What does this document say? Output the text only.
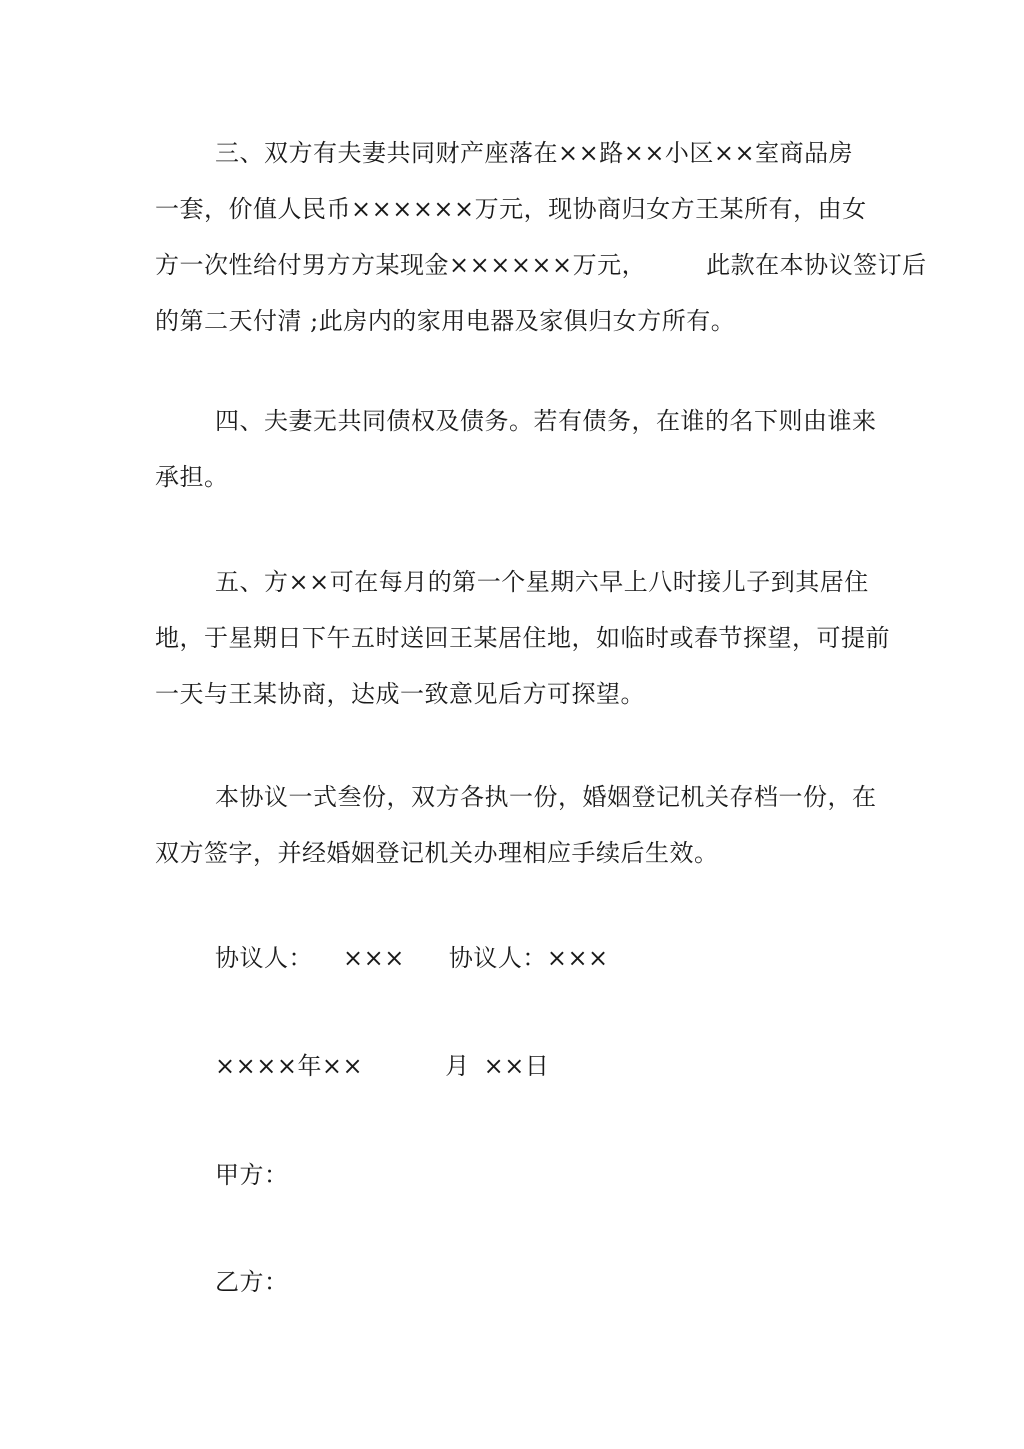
三、双方有夫妻共同财产座落在××路××小区××室商品房
一套，价值人民币××××××万元，现协商归女方王某所有，由女
方一次性给付男方方某现金××××××万元，	此款在本协议签订后
的第二天付清 ;此房内的家用电器及家俱归女方所有。

四、夫妻无共同债权及债务。若有债务，在谁的名下则由谁来
承担。

五、方××可在每月的第一个星期六早上八时接儿子到其居住
地，于星期日下午五时送回王某居住地，如临时或春节探望，可提前
一天与王某协商，达成一致意见后方可探望。

本协议一式叁份，双方各执一份，婚姻登记机关存档一份，在
双方签字，并经婚姻登记机关办理相应手续后生效。

协议人： ××× 协议人：×××

××××年××	月 ××日

甲方：

乙方：
